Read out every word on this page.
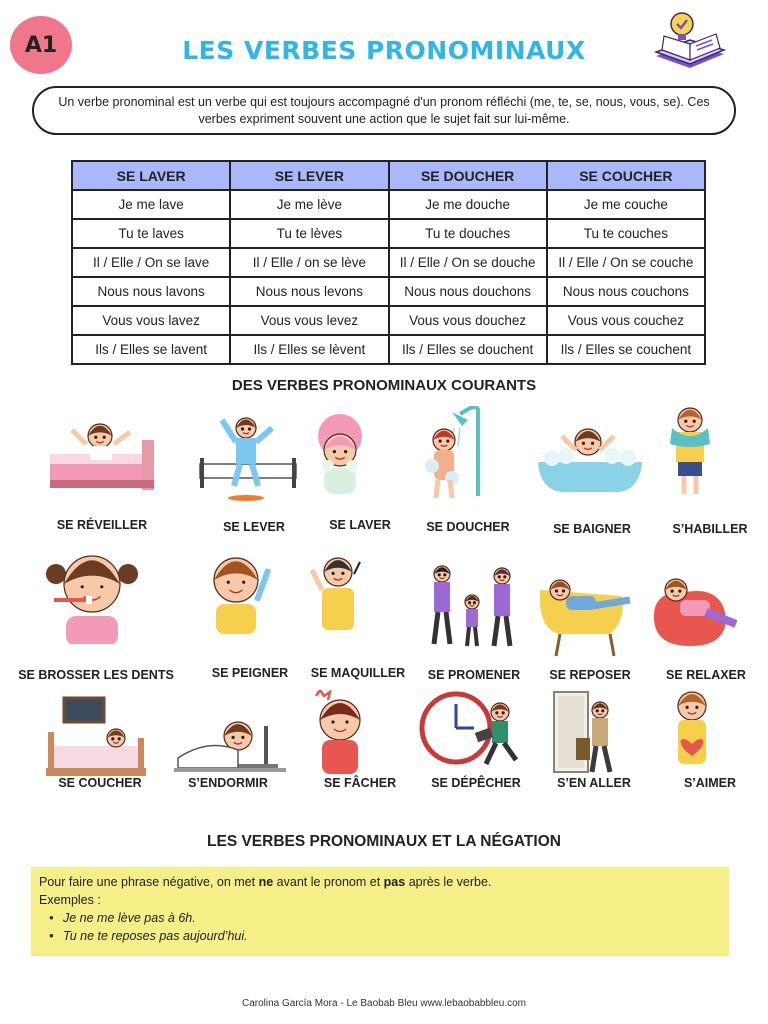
A1	LES VERBES PRONOMINAUX
Un verbe pronominal est un verbe qui est toujours accompagné d'un pronom réfléchi (me, te, se, nous, vous, se). Ces verbes expriment souvent une action que le sujet fait sur lui-même.
SE LAVER	SE LEVER	SE DOUCHER	SE COUCHER
Je me lave	Je me lève	Je me douche	Je me couche
Tu te laves	Tu te lèves	Tu te douches	Tu te couches
Il / Elle / On se lave	Il / Elle / on se lève	Il / Elle / On se douche	Il / Elle / On se couche
Nous nous lavons	Nous nous levons	Nous nous douchons	Nous nous couchons
Vous vous lavez	Vous vous levez	Vous vous douchez	Vous vous couchez
Ils / Elles se lavent	Ils / Elles se lèvent	Ils / Elles se douchent	Ils / Elles se couchent
DES VERBES PRONOMINAUX COURANTS
SE RÉVEILLER	SE LEVER	SE LAVER	SE DOUCHER	SE BAIGNER	S’HABILLER
SE BROSSER LES DENTS	SE PEIGNER	SE MAQUILLER	SE PROMENER	SE REPOSER	SE RELAXER
SE COUCHER	S’ENDORMIR	SE FÂCHER	SE DÉPÊCHER	S’EN ALLER	S’AIMER
LES VERBES PRONOMINAUX ET LA NÉGATION
Pour faire une phrase négative, on met ne avant le pronom et pas après le verbe.
Exemples :
● Je ne me lève pas à 6h.
● Tu ne te reposes pas aujourd’hui.
Carolina García Mora - Le Baobab Bleu www.lebaobabbleu.com
